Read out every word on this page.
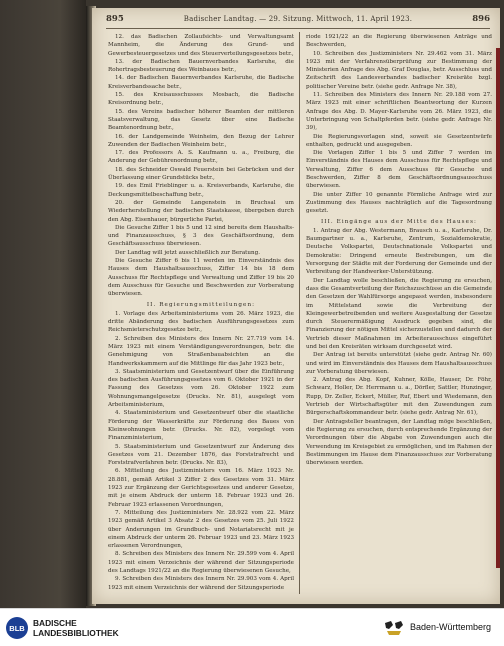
895	Badischer Landtag. — 29. Sitzung. Mittwoch, 11. April 1923.	896

12. das Badischen Zollaufsichts- und Verwaltungsamt Mannheim, die Änderung des Grund- und Gewerbesteuergesetzes und des Steuerverteilungsgesetzes betr.,

13. der Badischen Bauernverbandes Karlsruhe, die Rohertragsbesteuerung des Weinbaues betr.,

14. der Badischen Bauernverbandes Karlsruhe, die Badische Kreisverbandssache betr.,

15. des Kreisausschusses Mosbach, die Badische Kreisordnung betr.,

15. des Vereins badischer höherer Beamten der mittleren Staatsverwaltung, das Gesetz über eine Badische Beamtenordnung betr.,

16. der Landgemeinde Weinheim, den Bezug der Lehrer Zuwenden der Badischen Weinheim betr.,

17. des Professors A. S. Kaufmann u. a., Freiburg, die Anderung der Gebührenordnung betr.,

18. des Schneider Oswald Feuerstein bei Gebrücken und der Überlassung einer Grundstücks betr.,

19. des Emil Frieblinger u. a. Kreisverbands, Karlsruhe, die Deckungsmittelbeschaffung betr.,

20. der Gemeinde Langenstein in Bruchsal um Wiederherstellung der badischen Staatskasse, übergeben durch den Abg. Eisenhauer, bürgerliche Partei,

Die Gesuche Ziffer 1 bis 5 und 12 sind bereits dem Haushalts- und Finanzausschuss, § 3 des Geschäftsordnung, dem Geschäftsausschuss überwiesen.

Der Landtag will jetzt ausschließlich zur Beratung.

Die Gesuche Ziffer 6 bis 11 werden im Einverständnis des Hauses dem Haushaltsausschuss, Ziffer 14 bis 18 dem Ausschuss für Rechtspflege und Verwaltung und Ziffer 19 bis 20 dem Ausschuss für Gesuche und Beschwerden zur Vorberatung überwiesen.

II. Regierungsmitteilungen:

1. Vorlage des Arbeitsministeriums vom 26. März 1923, die dritte Abänderung des badischen Ausführungsgesetzes zum Reichsmieterschutzgesetze betr.,

2. Schreiben des Ministers des Innern Nr. 27.719 vom 14. März 1923 mit einem Verständigungsverordnungen, betr. die Genehmigung von Straßenbauabsichten an die Handwerkskammern auf die Mittlinge für das Jahr 1923 betr.,

3. Staatsministerium und Gesetzentwurf über die Einführung des badischen Ausführungsgesetzes vom 6. Oktober 1921 in der Fassung des Gesetzes vom 26. Oktober 1922 zum Wohnungsmangelgesetze (Drucks. Nr. 81), ausgelegt vom Arbeitsministerium,

4. Staatsministerium und Gesetzentwurf über die staatliche Förderung der Wasserkräfte zur Förderung des Baues von Kleinwohnungen betr. (Drucks. Nr. 82), vorgelegt vom Finanzministerium,

5. Staatsministerium und Gesetzentwurf zur Änderung des Gesetzes vom 21. Dezember 1876, das Forststrafrecht und Forststrafverfahren betr. (Drucks. Nr. 83),

6. Mitteilung des Justizministers vom 16. März 1923 Nr. 28.881, gemäß Artikel 3 Ziffer 2 des Gesetzes vom 31. März 1923 zur Ergänzung der Gerichtsgesetzes und anderer Gesetze, mit je einem Abdruck der unterm 18. Februar 1923 und 26. Februar 1923 erlassenen Verordnungen,

7. Mitteilung des Justizministers Nr. 28.922 vom 22. März 1923 gemäß Artikel 3 Absatz 2 des Gesetzes vom 25. Juli 1922 über Anderungen im Grundbuch- und Notariatsrecht mit je einem Abdruck der unterm 26. Februar 1923 und 23. März 1923 erlassenen Verordnungen,

8. Schreiben des Ministers des Innern Nr. 29.599 vom 4. April 1923 mit einem Verzeichnis der während der Sitzungsperiode des Landtags 1921/22 an die Regierung überwiesenen Gesuche,

9. Schreiben des Ministers des Innern Nr. 29.903 vom 4. April 1923 mit einem Verzeichnis der während der Sitzungsperiode

riode 1921/22 an die Regierung überwiesenen Anträge und Beschwerden,

10. Schreiben des Justizministers Nr. 29.462 vom 31. März 1923 mit der Verfahrensüberprüfung zur Bestimmung der Ministerien Anfrage des Abg. Graf Douglas, betr. Ausschluss und Zeitschrift des Landesverbandes badischer Kreisräte bzgl. politischer Vereine betr. (siehe gedr. Anfrage Nr. 38),

11. Schreiben des Ministers des Innern Nr. 29.188 vom 27. März 1923 mit einer schriftlichen Beantwortung der Kurzen Anfrage des Abg. D. Mayer-Karlsruhe vom 26. März 1923, die Unterbringung von Schaltpferden betr. (siehe gedr. Anfrage Nr. 39),

Die Regierungsvorlagen sind, soweit sie Gesetzentwürfe enthalten, gedruckt und ausgegeben.

Die Vorlagen Ziffer 1 bis 5 und Ziffer 7 werden im Einverständnis des Hauses dem Ausschuss für Rechtspflege und Verwaltung, Ziffer 6 dem Ausschuss für Gesuche und Beschwerden, Ziffer 8 dem Geschäftsordnungsausschuss überwiesen.

Die unter Ziffer 10 genannte Förmliche Anfrage wird zur Zustimmung des Hauses nachträglich auf die Tagesordnung gesetzt.

III. Eingänge aus der Mitte des Hauses:

1. Antrag der Abg. Westermann, Brausch u. a., Karlsruhe, Dr. Baumgartner u. a., Karlsruhe, Zentrum, Sozialdemokratie, Deutsche Volkspartei, Deutschnationale Volkspartei und Demokratie: Dringend erneute Bestrebungen, um die Versorgung der Städte mit der Forderung der Gemeinde und der Verbreitung der Handwerker-Unterstützung.

Der Landtag wolle beschließen, die Regierung zu ersuchen, dass die Gesamtverteilung der Reichszuschüsse an die Gemeinde den Gesetzen der Wahlfürsorge angepasst werden, insbesondere im Mittelstand sowie die Verbreitung der Kleingewerbetreibenden und weitere Ausgestaltung der Gesetze durch Steuerermäßigung Ausdruck gegeben sind, die Finanzierung der nötigen Mittel sicherzustellen und dadurch der Vertrieb dieser Maßnahmen im Arbeiterausschuss eingeführt und bei den Kreisräten wirksam durchgesetzt wird.

Der Antrag ist bereits unterstützt (siehe gedr. Antrag Nr. 60) und wird im Einverständnis des Hauses dem Haushaltsausschuss zur Vorberatung überwiesen.

2. Antrag des Abg. Kopf, Kuhner, Kölle, Hauser, Dr. Föhr, Schwarz, Holler, Dr. Herrmann u. a., Dörfler, Sattler, Hunzinger, Rupp, Dr. Zeller, Eckert, Müller, Ruf, Ebert und Wiedemann, den Vertrieb der Wirtschaftsgüter mit den Zuwendungen zum Bürgerschaftskommandeur betr. (siehe gedr. Antrag Nr. 61),

Der Antragsteller beantragen, der Landtag möge beschließen, die Regierung zu ersuchen, durch entsprechende Ergänzung der Verordnungen über die Abgabe von Zuwendungen auch die Verwendung im Kreisgebiet zu ermöglichen, und im Rahmen der Bestimmungen im Hause dem Finanzausschuss zur Vorberatung überwiesen werden.

BLB BADISCHE
LANDESBIBLIOTHEK
Baden-Württemberg
